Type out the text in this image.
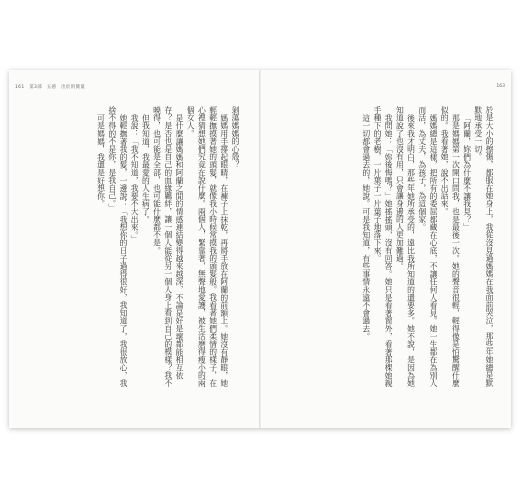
161 第3部 五感　出於的微量

剝蕩媽媽的心殼？

媽媽用手撐起眼睛，在褲子上抹乾，再將手放在阿蘭的前額上。她沒有靜眼，她輕輕撫摸著她的頭髮，就像我小時候常摸我的頭髮般。我看著她們柔情的樣子，在心裡猜想她們究竟在說什麼。兩個人，緊靠著，無聲地愛護，被生活磨得瘦小的兩個女人。

是什麼讓媽媽和阿蘭之間的情感連結變得越來越深，不論是好是壞都能相互依存？是否也是自己的血緣羈絆，讓一個人能從另一個人身上看到自己的模樣？我不曉得，也可能是全部，也可能什麼都不是。

但我知道，我最愛的人生病了。

我說：「我不知道，我要不大出來。」

她輕撫著我的髮，一邊說：「我想你的日子過得很好，我知道了，我很放心，我捨不得的不是你，是我自己。」

可是媽媽，我還是好想你。

163

於是大小的擦傷，都服在她身上，我從沒見過媽媽在我面前哭泣，那些年她總是默默地承受一切。

「阿蘭，妳們為什麼不讓我見？」

那是媽媽第一次開口問我，也是最後一次。她的聲音很輕，輕得像是怕驚醒什麼似的。我看著她，說不出話來。

媽媽總是這樣，把所有的委屈都藏在心底，不讓任何人看見。她一生都在為別人而活，為丈夫，為孩子，為這個家。

後來我才明白，那些年她所承受的，遠比我所知道的還要多。她不說，是因為她知道說了也沒有用，只會讓身邊的人更加難過。

我問她：「妳後悔嗎？」她搖搖頭，沒有回答。她只是看著窗外，看著那棵她親手種下的老樹，一片葉子一片葉子地落下來。

這一切都會過去的，她說。可是我知道，有些事情永遠不會過去。
